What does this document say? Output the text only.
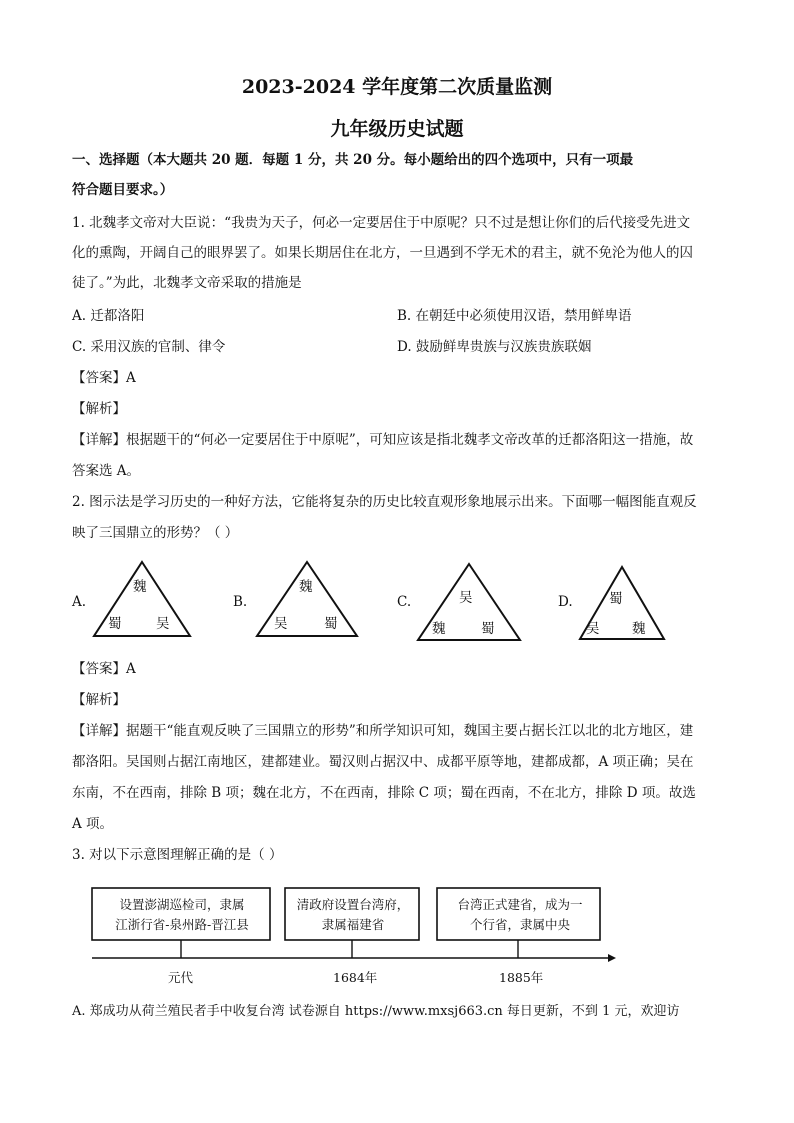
2023-2024 学年度第二次质量监测
九年级历史试题
一、选择题（本大题共 20 题．每题 1 分，共 20 分。每小题给出的四个选项中，只有一项最
符合题目要求。）
1. 北魏孝文帝对大臣说：“我贵为天子，何必一定要居住于中原呢？只不过是想让你们的后代接受先进文
化的熏陶，开阔自己的眼界罢了。如果长期居住在北方，一旦遇到不学无术的君主，就不免沦为他人的囚
徒了。”为此，北魏孝文帝采取的措施是
A. 迁都洛阳	B. 在朝廷中必须使用汉语，禁用鲜卑语
C. 采用汉族的官制、律令	D. 鼓励鲜卑贵族与汉族贵族联姻
【答案】A
【解析】
【详解】根据题干的“何必一定要居住于中原呢”，可知应该是指北魏孝文帝改革的迁都洛阳这一措施，故
答案选 A。
2. 图示法是学习历史的一种好方法，它能将复杂的历史比较直观形象地展示出来。下面哪一幅图能直观反
映了三国鼎立的形势？（ ）
A.
魏
蜀	吴
B.
魏
吴	蜀
C.	吴
魏	蜀
D.	蜀
吴 魏
【答案】A
【解析】
【详解】据题干“能直观反映了三国鼎立的形势”和所学知识可知，魏国主要占据长江以北的北方地区，建
都洛阳。吴国则占据江南地区，建都建业。蜀汉则占据汉中、成都平原等地，建都成都，A 项正确；吴在
东南，不在西南，排除 B 项；魏在北方，不在西南，排除 C 项；蜀在西南，不在北方，排除 D 项。故选
A 项。
3. 对以下示意图理解正确的是（ ）
设置澎湖巡检司，隶属
江浙行省-泉州路-晋江县
清政府设置台湾府，
隶属福建省
台湾正式建省，成为一
个行省，隶属中央
元代	1684年	1885年
A. 郑成功从荷兰殖民者手中收复台湾 试卷源自 https://www.mxsj663.cn 每日更新，不到 1 元，欢迎访
